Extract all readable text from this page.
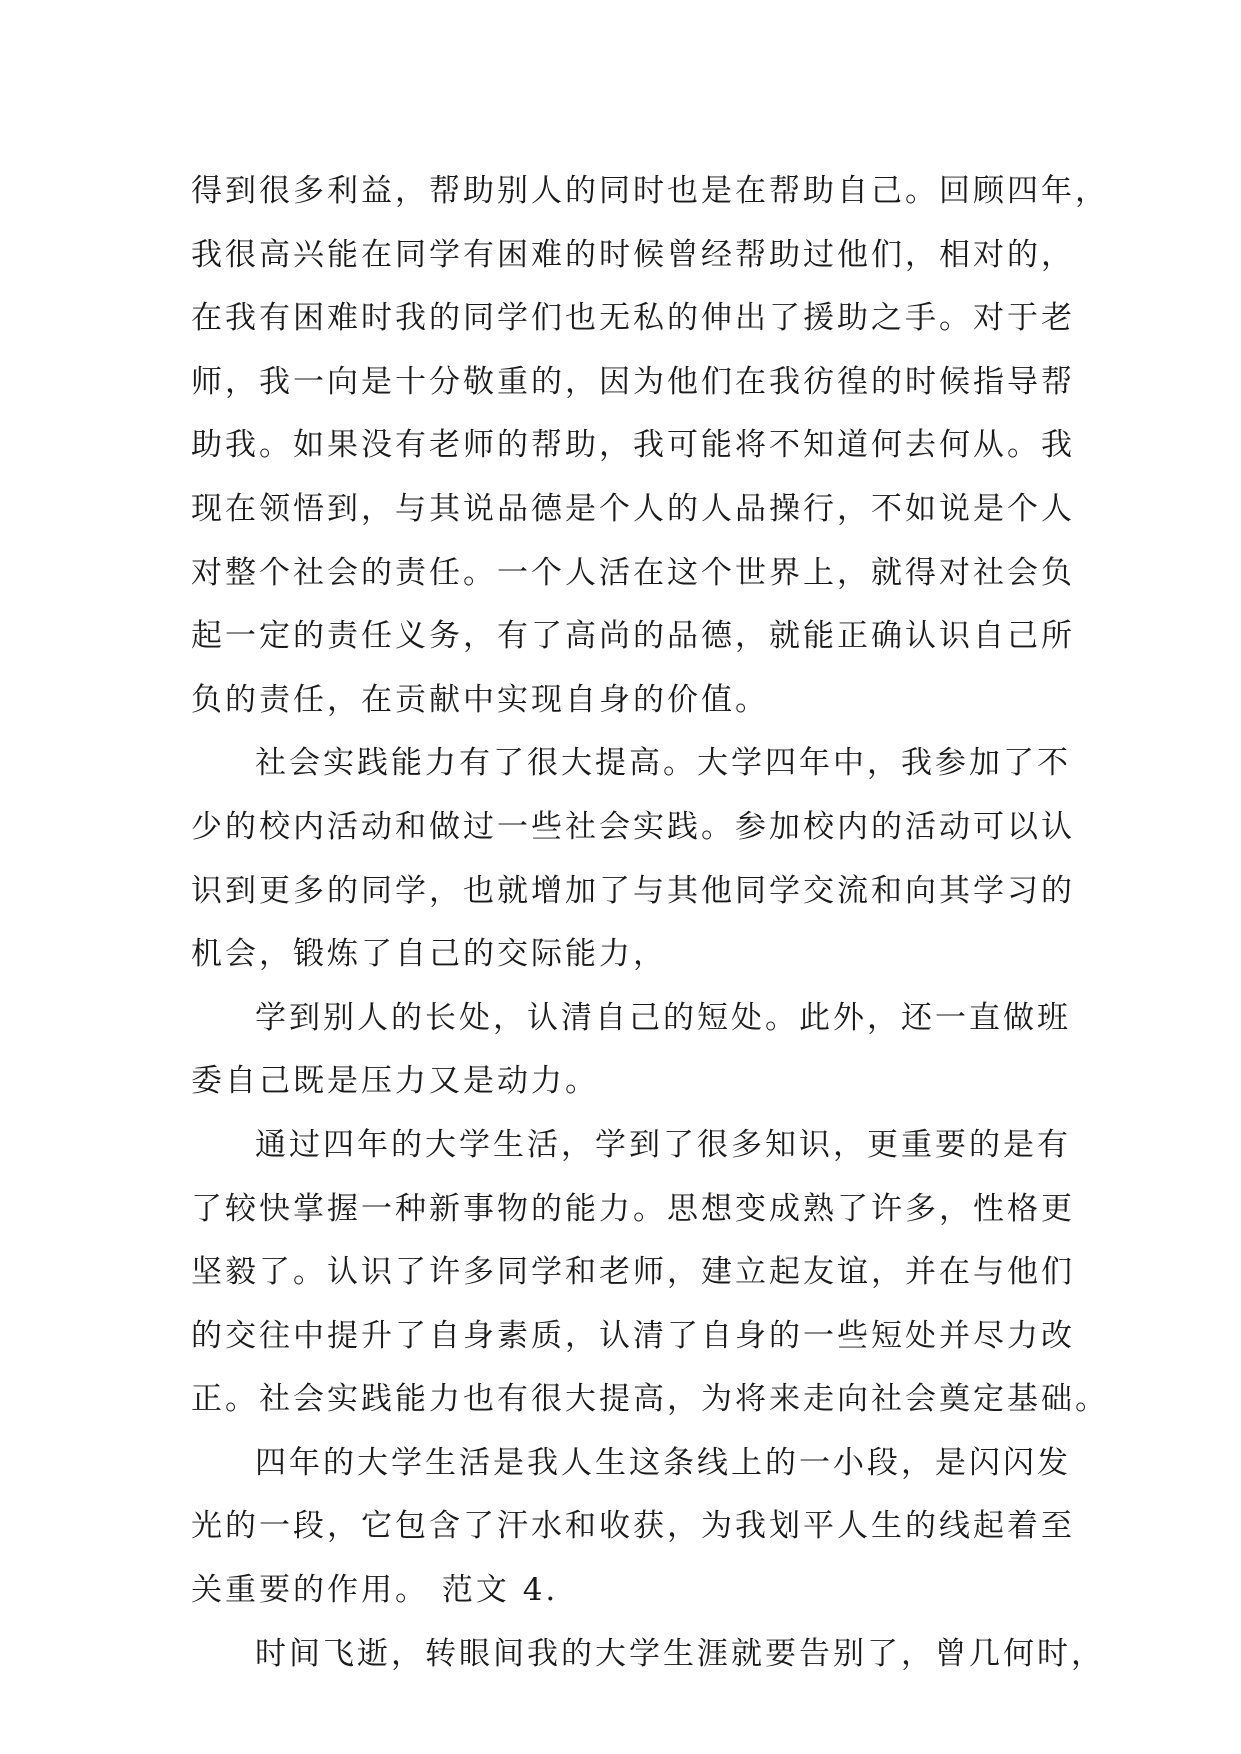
得到很多利益，帮助别人的同时也是在帮助自己。回顾四年，
我很高兴能在同学有困难的时候曾经帮助过他们，相对的，
在我有困难时我的同学们也无私的伸出了援助之手。对于老
师，我一向是十分敬重的，因为他们在我彷徨的时候指导帮
助我。如果没有老师的帮助，我可能将不知道何去何从。我
现在领悟到，与其说品德是个人的人品操行，不如说是个人
对整个社会的责任。一个人活在这个世界上，就得对社会负
起一定的责任义务，有了高尚的品德，就能正确认识自己所
负的责任，在贡献中实现自身的价值。
社会实践能力有了很大提高。大学四年中，我参加了不
少的校内活动和做过一些社会实践。参加校内的活动可以认
识到更多的同学，也就增加了与其他同学交流和向其学习的
机会，锻炼了自己的交际能力，
学到别人的长处，认清自己的短处。此外，还一直做班
委自己既是压力又是动力。
通过四年的大学生活，学到了很多知识，更重要的是有
了较快掌握一种新事物的能力。思想变成熟了许多，性格更
坚毅了。认识了许多同学和老师，建立起友谊，并在与他们
的交往中提升了自身素质，认清了自身的一些短处并尽力改
正。社会实践能力也有很大提高，为将来走向社会奠定基础。
四年的大学生活是我人生这条线上的一小段，是闪闪发
光的一段，它包含了汗水和收获，为我划平人生的线起着至
关重要的作用。 范文 4.
时间飞逝，转眼间我的大学生涯就要告别了，曾几何时，
